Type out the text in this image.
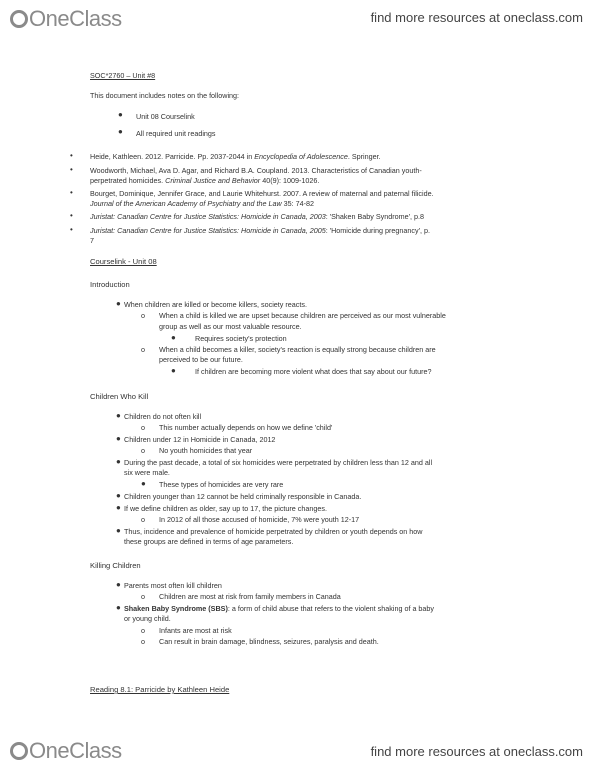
OneClass	find more resources at oneclass.com
SOC*2760 – Unit #8
This document includes notes on the following:
● Unit 08 Courselink
● All required unit readings
• Heide, Kathleen. 2012. Parricide. Pp. 2037-2044 in Encyclopedia of Adolescence. Springer.
• Woodworth, Michael, Ava D. Agar, and Richard B.A. Coupland. 2013. Characteristics of Canadian youth-
perpetrated homicides. Criminal Justice and Behavior 40(9): 1009-1026.
• Bourget, Dominique, Jennifer Grace, and Laurie Whitehurst. 2007. A review of maternal and paternal filicide.
Journal of the American Academy of Psychiatry and the Law 35: 74-82
• Juristat: Canadian Centre for Justice Statistics: Homicide in Canada, 2003: 'Shaken Baby Syndrome', p.8
• Juristat: Canadian Centre for Justice Statistics: Homicide in Canada, 2005: 'Homicide during pregnancy', p.
7
Courselink - Unit 08
Introduction
● When children are killed or become killers, society reacts.
o When a child is killed we are upset because children are perceived as our most vulnerable
group as well as our most valuable resource.
●	Requires society's protection
o When a child becomes a killer, society's reaction is equally strong because children are
perceived to be our future.
●	If children are becoming more violent what does that say about our future?
Children Who Kill
● Children do not often kill
o This number actually depends on how we define 'child'
● Children under 12 in Homicide in Canada, 2012
o No youth homicides that year
● During the past decade, a total of six homicides were perpetrated by children less than 12 and all
six were male.
● These types of homicides are very rare
● Children younger than 12 cannot be held criminally responsible in Canada.
● If we define children as older, say up to 17, the picture changes.
o In 2012 of all those accused of homicide, 7% were youth 12-17
● Thus, incidence and prevalence of homicide perpetrated by children or youth depends on how
these groups are defined in terms of age parameters.
Killing Children
● Parents most often kill children
o Children are most at risk from family members in Canada
● Shaken Baby Syndrome (SBS): a form of child abuse that refers to the violent shaking of a baby
or young child.
o Infants are most at risk
o Can result in brain damage, blindness, seizures, paralysis and death.
Reading 8.1: Parricide by Kathleen Heide
OneClass	find more resources at oneclass.com
